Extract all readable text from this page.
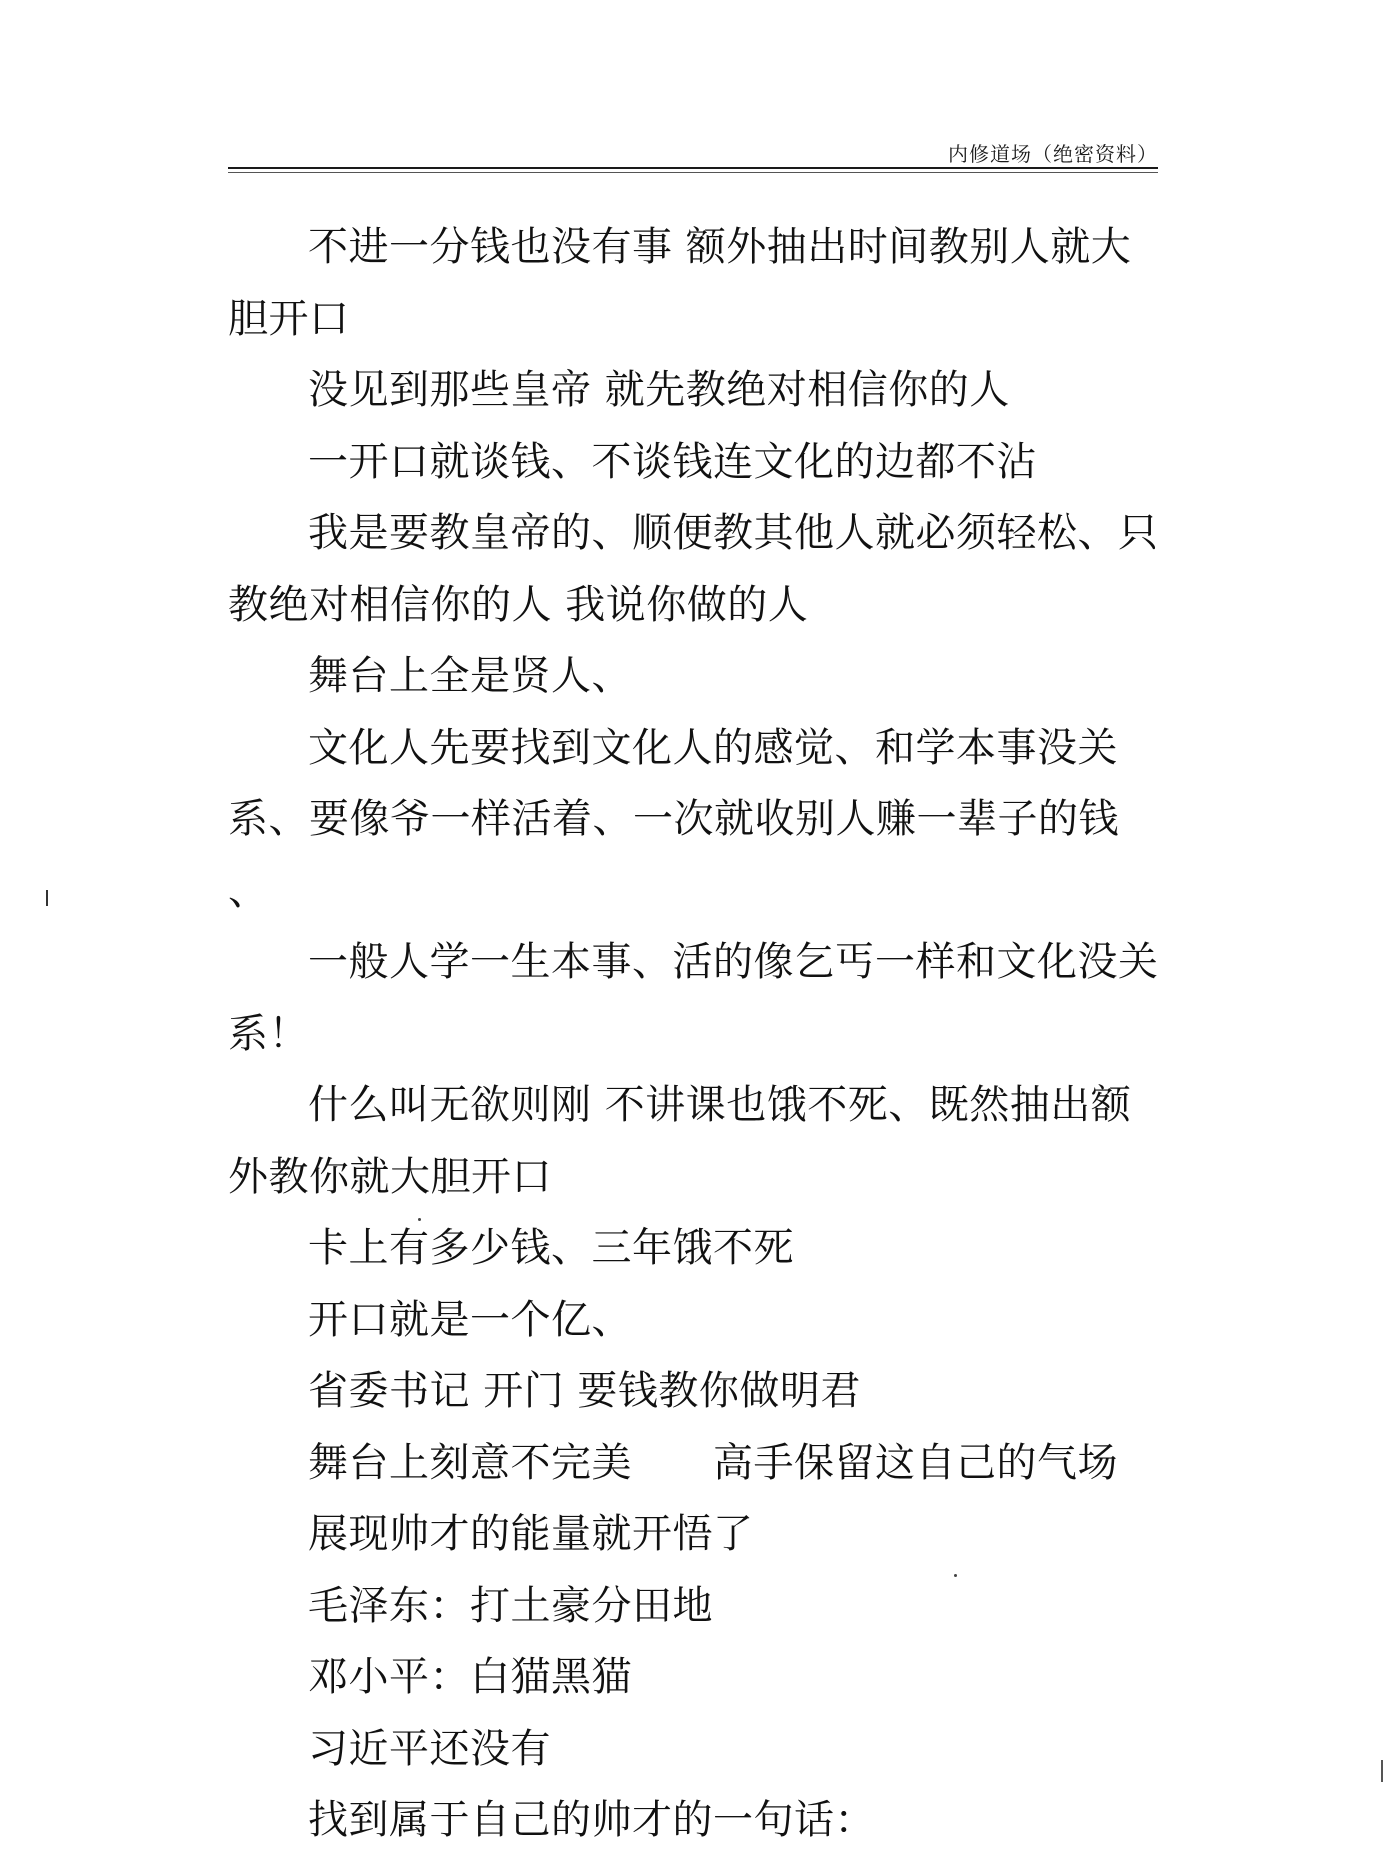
内修道场（绝密资料）

不进一分钱也没有事 额外抽出时间教别人就大胆开口

没见到那些皇帝 就先教绝对相信你的人

一开口就谈钱、不谈钱连文化的边都不沾

我是要教皇帝的、顺便教其他人就必须轻松、只教绝对相信你的人 我说你做的人

舞台上全是贤人、

文化人先要找到文化人的感觉、和学本事没关系、要像爷一样活着、一次就收别人赚一辈子的钱 、

一般人学一生本事、活的像乞丐一样和文化没关系！

什么叫无欲则刚 不讲课也饿不死、既然抽出额外教你就大胆开口

卡上有多少钱、三年饿不死

开口就是一个亿、

省委书记 开门 要钱教你做明君

舞台上刻意不完美　　高手保留这自己的气场

展现帅才的能量就开悟了

毛泽东：打土豪分田地

邓小平：白猫黑猫

习近平还没有

找到属于自己的帅才的一句话：
